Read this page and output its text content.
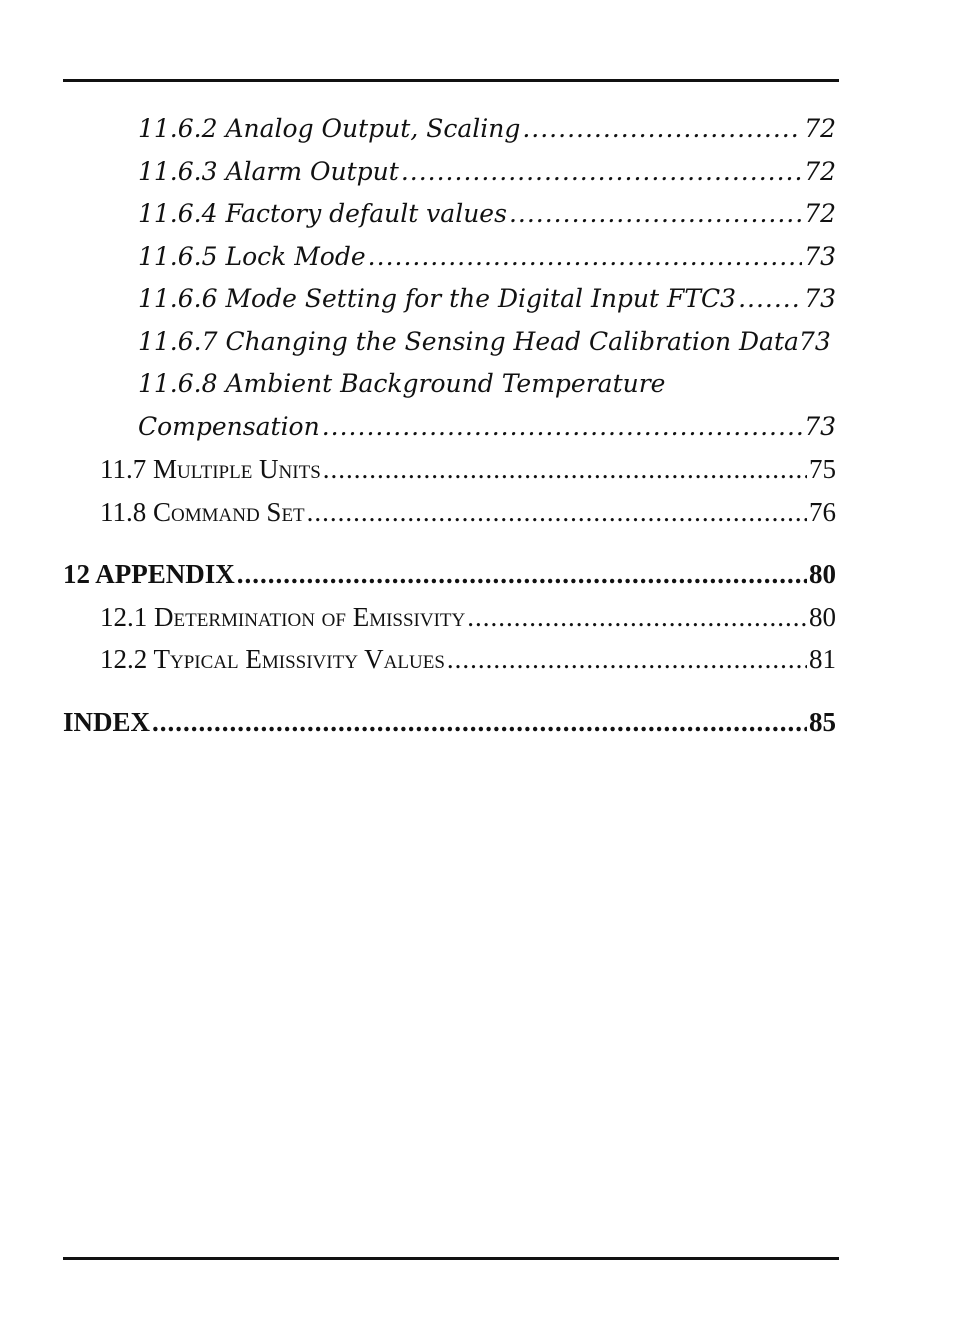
11.6.2 Analog Output, Scaling .....	72
11.6.3 Alarm Output .....	72
11.6.4 Factory default values .....	72
11.6.5 Lock Mode .....	73
11.6.6 Mode Setting for the Digital Input FTC3 .....	73
11.6.7 Changing the Sensing Head Calibration Data 73
11.6.8 Ambient Background Temperature
Compensation .....	73
11.7 Multiple Units .....	75
11.8 Command Set .....	76
12 APPENDIX .....	80
12.1 Determination of Emissivity .....	80
12.2 Typical Emissivity Values .....	81
INDEX .....	85
